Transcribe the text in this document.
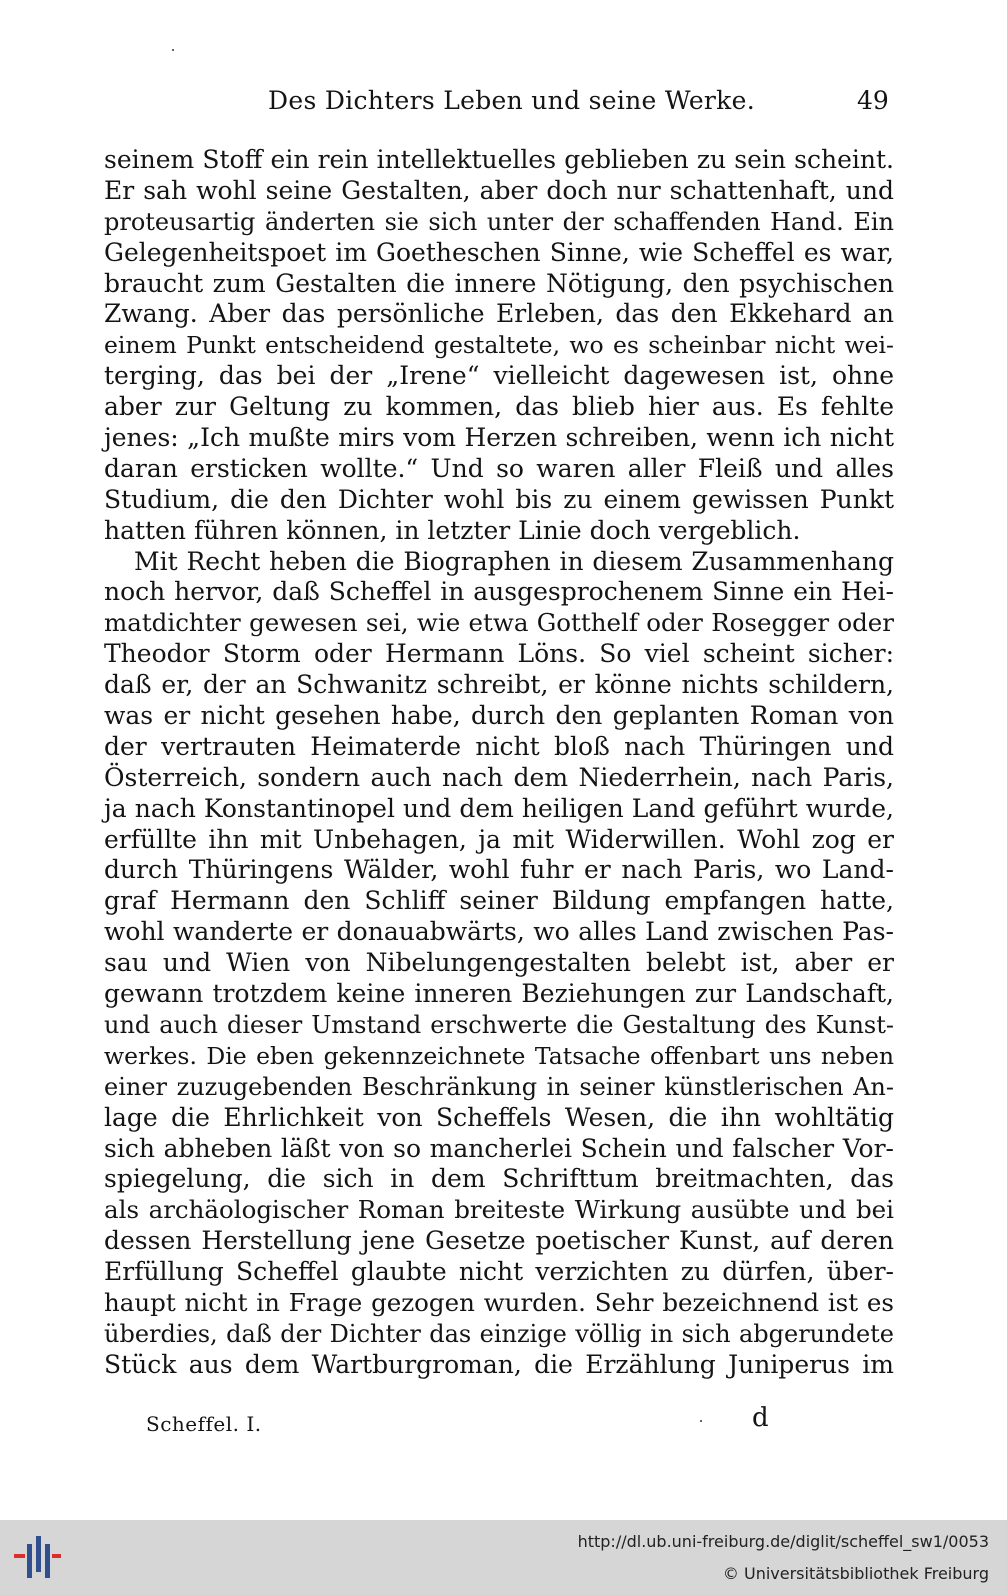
Des Dichters Leben und seine Werke.	49
seinem Stoff ein rein intellektuelles geblieben zu sein scheint.
Er sah wohl seine Gestalten, aber doch nur schattenhaft, und
proteusartig änderten sie sich unter der schaffenden Hand. Ein
Gelegenheitspoet im Goetheschen Sinne, wie Scheffel es war,
braucht zum Gestalten die innere Nötigung, den psychischen
Zwang. Aber das persönliche Erleben, das den Ekkehard an
einem Punkt entscheidend gestaltete, wo es scheinbar nicht wei-
terging, das bei der „Irene“ vielleicht dagewesen ist, ohne
aber zur Geltung zu kommen, das blieb hier aus. Es fehlte
jenes: „Ich mußte mirs vom Herzen schreiben, wenn ich nicht
daran ersticken wollte.“ Und so waren aller Fleiß und alles
Studium, die den Dichter wohl bis zu einem gewissen Punkt
hatten führen können, in letzter Linie doch vergeblich.
Mit Recht heben die Biographen in diesem Zusammenhang
noch hervor, daß Scheffel in ausgesprochenem Sinne ein Hei-
matdichter gewesen sei, wie etwa Gotthelf oder Rosegger oder
Theodor Storm oder Hermann Löns. So viel scheint sicher:
daß er, der an Schwanitz schreibt, er könne nichts schildern,
was er nicht gesehen habe, durch den geplanten Roman von
der vertrauten Heimaterde nicht bloß nach Thüringen und
Österreich, sondern auch nach dem Niederrhein, nach Paris,
ja nach Konstantinopel und dem heiligen Land geführt wurde,
erfüllte ihn mit Unbehagen, ja mit Widerwillen. Wohl zog er
durch Thüringens Wälder, wohl fuhr er nach Paris, wo Land-
graf Hermann den Schliff seiner Bildung empfangen hatte,
wohl wanderte er donauabwärts, wo alles Land zwischen Pas-
sau und Wien von Nibelungengestalten belebt ist, aber er
gewann trotzdem keine inneren Beziehungen zur Landschaft,
und auch dieser Umstand erschwerte die Gestaltung des Kunst-
werkes. Die eben gekennzeichnete Tatsache offenbart uns neben
einer zuzugebenden Beschränkung in seiner künstlerischen An-
lage die Ehrlichkeit von Scheffels Wesen, die ihn wohltätig
sich abheben läßt von so mancherlei Schein und falscher Vor-
spiegelung, die sich in dem Schrifttum breitmachten, das
als archäologischer Roman breiteste Wirkung ausübte und bei
dessen Herstellung jene Gesetze poetischer Kunst, auf deren
Erfüllung Scheffel glaubte nicht verzichten zu dürfen, über-
haupt nicht in Frage gezogen wurden. Sehr bezeichnend ist es
überdies, daß der Dichter das einzige völlig in sich abgerundete
Stück aus dem Wartburgroman, die Erzählung Juniperus im
Scheffel. I.	d
http://dl.ub.uni-freiburg.de/diglit/scheffel_sw1/0053
© Universitätsbibliothek Freiburg
